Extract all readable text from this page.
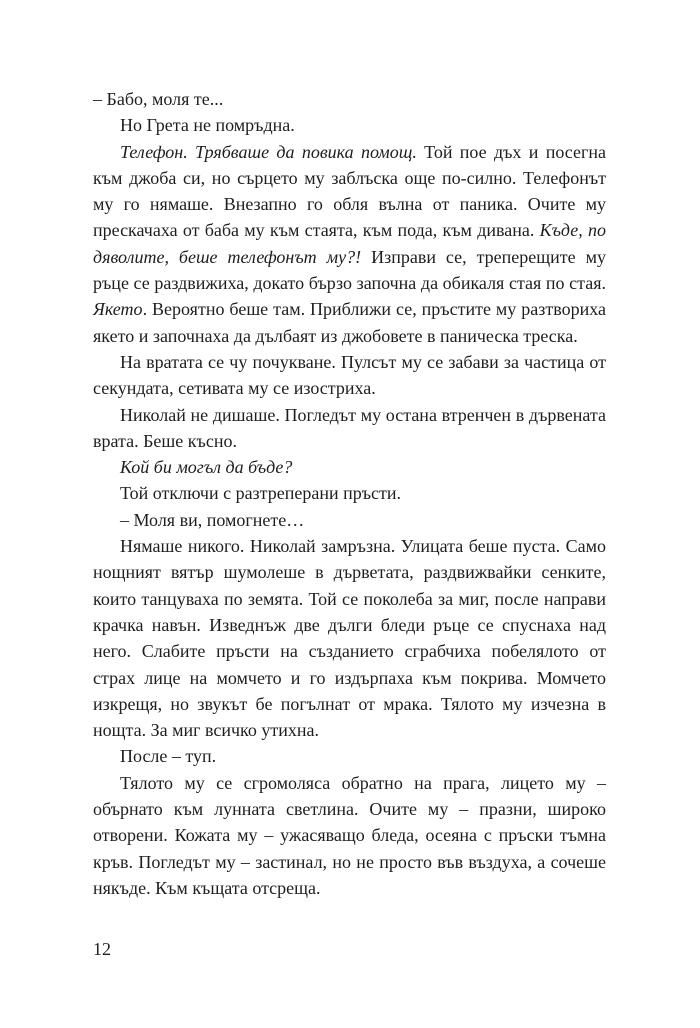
– Бабо, моля те...

Но Грета не помръдна.

Телефон. Трябваше да повика помощ. Той пое дъх и посегна към джоба си, но сърцето му заблъска още по-силно. Телефонът му го нямаше. Внезапно го обля вълна от паника. Очите му прескачаха от баба му към стаята, към пода, към дивана. Къде, по дяволите, беше телефонът му?! Изправи се, треперещите му ръце се раздвижиха, докато бързо започна да обикаля стая по стая. Якето. Вероятно беше там. Приближи се, пръстите му разтвориха якето и започнаха да дълбаят из джобовете в паническа треска.

На вратата се чу почукване. Пулсът му се забави за частица от секундата, сетивата му се изостриха.

Николай не дишаше. Погледът му остана втренчен в дървената врата. Беше късно.

Кой би могъл да бъде?

Той отключи с разтреперани пръсти.

– Моля ви, помогнете…

Нямаше никого. Николай замръзна. Улицата беше пуста. Само нощният вятър шумолеше в дърветата, раздвижвайки сенките, които танцуваха по земята. Той се поколеба за миг, после направи крачка навън. Изведнъж две дълги бледи ръце се спуснаха над него. Слабите пръсти на създанието сграбчиха побелялото от страх лице на момчето и го издърпаха към покрива. Момчето изкрещя, но звукът бе погълнат от мрака. Тялото му изчезна в нощта. За миг всичко утихна.

После – туп.

Тялото му се сгромоляса обратно на прага, лицето му – обърнато към лунната светлина. Очите му – празни, широко отворени. Кожата му – ужасяващо бледа, осеяна с пръски тъмна кръв. Погледът му – застинал, но не просто във въздуха, а сочеше някъде. Към къщата отсреща.

12
